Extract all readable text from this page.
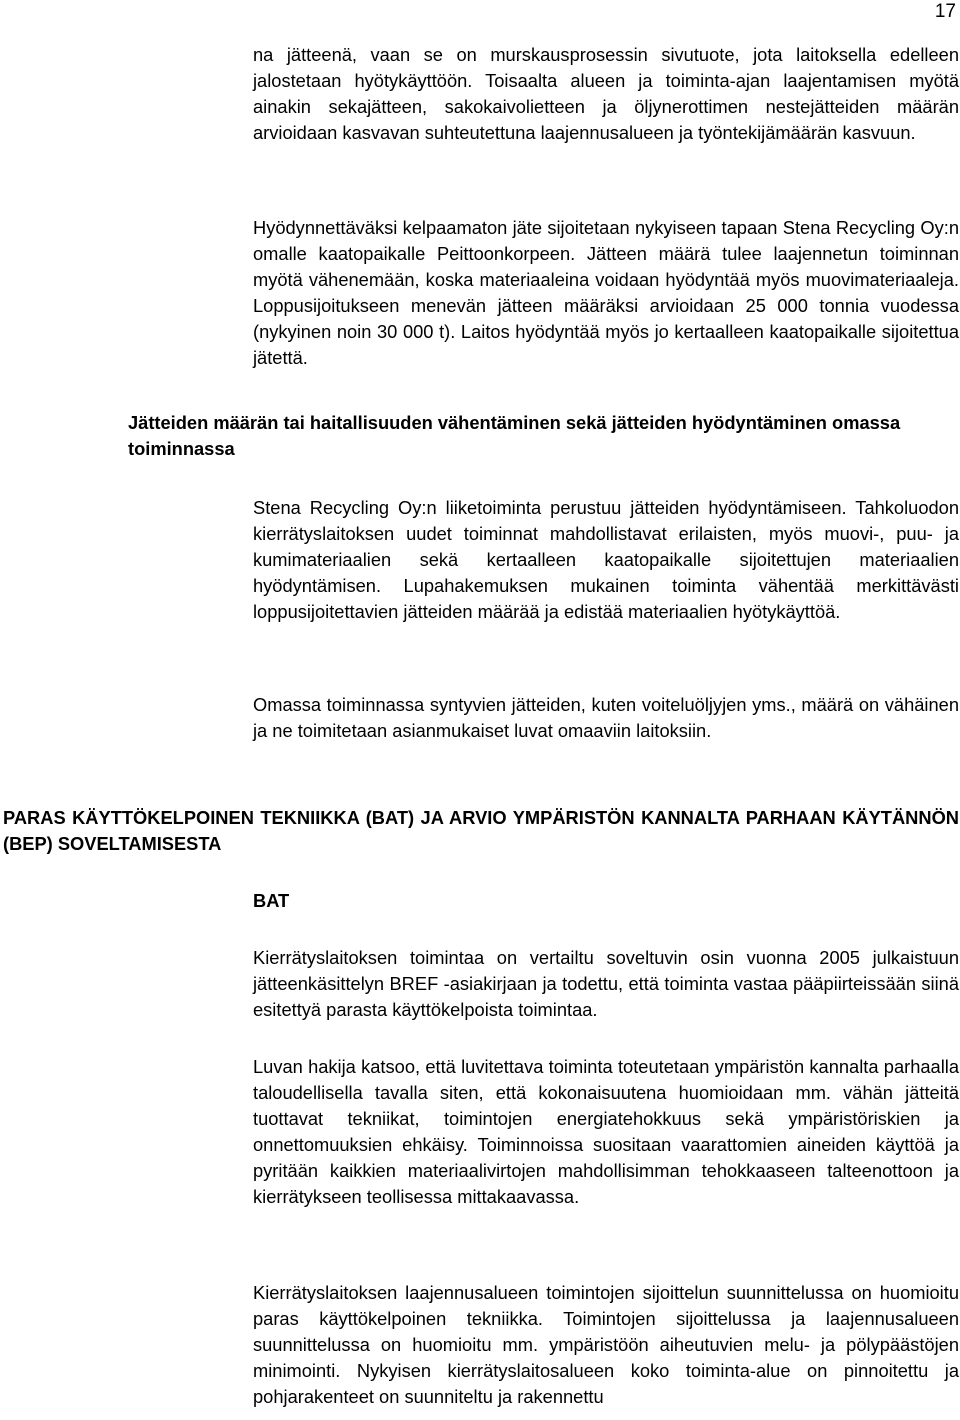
17

na jätteenä, vaan se on murskausprosessin sivutuote, jota laitoksella edelleen jalostetaan hyötykäyttöön. Toisaalta alueen ja toiminta-ajan laajentamisen myötä ainakin sekajätteen, sakokaivolietteen ja öljynerottimen nestejätteiden määrän arvioidaan kasvavan suhteutettuna laajennusalueen ja työntekijämäärän kasvuun.

Hyödynnettäväksi kelpaamaton jäte sijoitetaan nykyiseen tapaan Stena Recycling Oy:n omalle kaatopaikalle Peittoonkorpeen. Jätteen määrä tulee laajennetun toiminnan myötä vähenemään, koska materiaaleina voidaan hyödyntää myös muovimateriaaleja. Loppusijoitukseen menevän jätteen määräksi arvioidaan 25 000 tonnia vuodessa (nykyinen noin 30 000 t). Laitos hyödyntää myös jo kertaalleen kaatopaikalle sijoitettua jätettä.

Jätteiden määrän tai haitallisuuden vähentäminen sekä jätteiden hyödyntäminen omassa toiminnassa

Stena Recycling Oy:n liiketoiminta perustuu jätteiden hyödyntämiseen. Tahkoluodon kierrätyslaitoksen uudet toiminnat mahdollistavat erilaisten, myös muovi-, puu- ja kumimateriaalien sekä kertaalleen kaatopaikalle sijoitettujen materiaalien hyödyntämisen. Lupahakemuksen mukainen toiminta vähentää merkittävästi loppusijoitettavien jätteiden määrää ja edistää materiaalien hyötykäyttöä.

Omassa toiminnassa syntyvien jätteiden, kuten voiteluöljyjen yms., määrä on vähäinen ja ne toimitetaan asianmukaiset luvat omaaviin laitoksiin.

PARAS KÄYTTÖKELPOINEN TEKNIIKKA (BAT) JA ARVIO YMPÄRISTÖN KANNALTA PARHAAN KÄYTÄNNÖN (BEP) SOVELTAMISESTA
BAT

Kierrätyslaitoksen toimintaa on vertailtu soveltuvin osin vuonna 2005 julkaistuun jätteenkäsittelyn BREF -asiakirjaan ja todettu, että toiminta vastaa pääpiirteissään siinä esitettyä parasta käyttökelpoista toimintaa.

Luvan hakija katsoo, että luvitettava toiminta toteutetaan ympäristön kannalta parhaalla taloudellisella tavalla siten, että kokonaisuutena huomioidaan mm. vähän jätteitä tuottavat tekniikat, toimintojen energiatehokkuus sekä ympäristöriskien ja onnettomuuksien ehkäisy. Toiminnoissa suositaan vaarattomien aineiden käyttöä ja pyritään kaikkien materiaalivirtojen mahdollisimman tehokkaaseen talteenottoon ja kierrätykseen teollisessa mittakaavassa.

Kierrätyslaitoksen laajennusalueen toimintojen sijoittelun suunnittelussa on huomioitu paras käyttökelpoinen tekniikka. Toimintojen sijoittelussa ja laajennusalueen suunnittelussa on huomioitu mm. ympäristöön aiheutuvien melu- ja pölypäästöjen minimointi. Nykyisen kierrätyslaitosalueen koko toiminta-alue on pinnoitettu ja pohjarakenteet on suunniteltu ja rakennettu
